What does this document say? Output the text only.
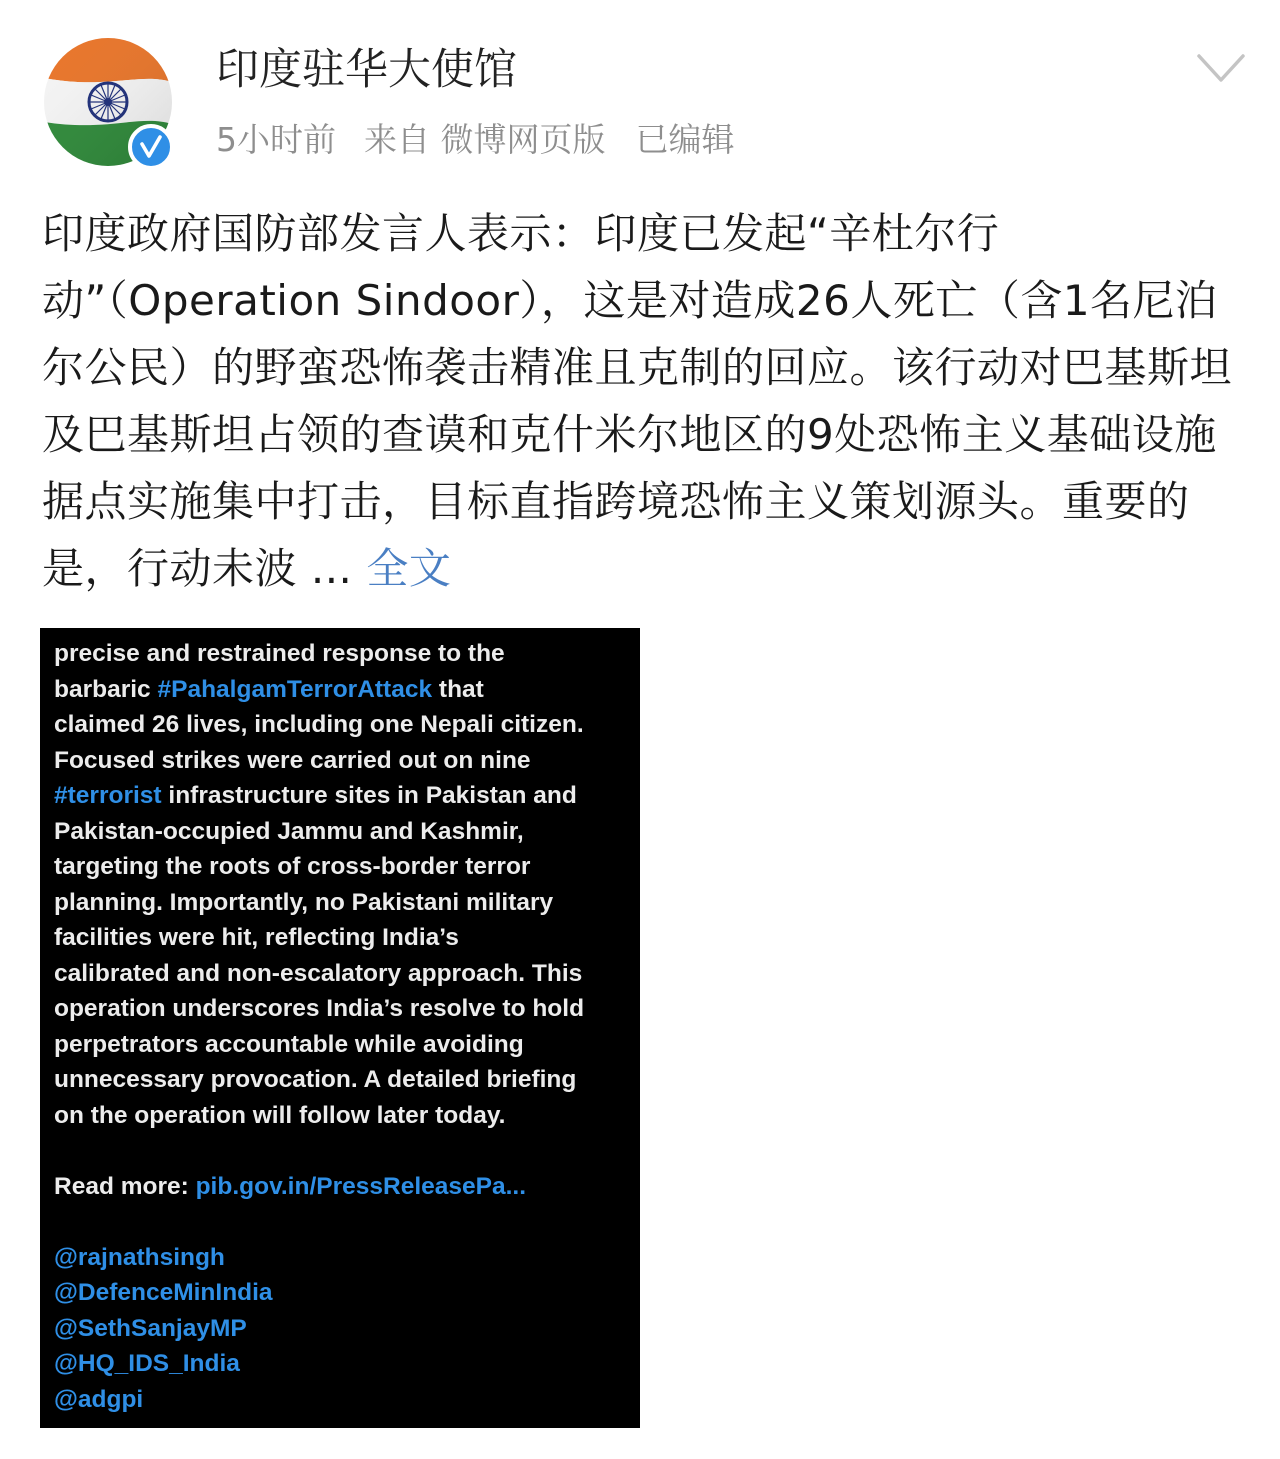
印度驻华大使馆
5小时前 来自 微博网页版 已编辑
印度政府国防部发言人表示：印度已发起“辛杜尔行动”（Operation Sindoor），这是对造成26人死亡（含1名尼泊尔公民）的野蛮恐怖袭击精准且克制的回应。该行动对巴基斯坦及巴基斯坦占领的查谟和克什米尔地区的9处恐怖主义基础设施据点实施集中打击，目标直指跨境恐怖主义策划源头。重要的是，行动未波 ... 全文
precise and restrained response to the
barbaric #PahalgamTerrorAttack that
claimed 26 lives, including one Nepali citizen.
Focused strikes were carried out on nine
#terrorist infrastructure sites in Pakistan and
Pakistan-occupied Jammu and Kashmir,
targeting the roots of cross-border terror
planning. Importantly, no Pakistani military
facilities were hit, reflecting India’s
calibrated and non-escalatory approach. This
operation underscores India’s resolve to hold
perpetrators accountable while avoiding
unnecessary provocation. A detailed briefing
on the operation will follow later today.
Read more: pib.gov.in/PressReleasePa...
@rajnathsingh
@DefenceMinIndia
@SethSanjayMP
@HQ_IDS_India
@adgpi
